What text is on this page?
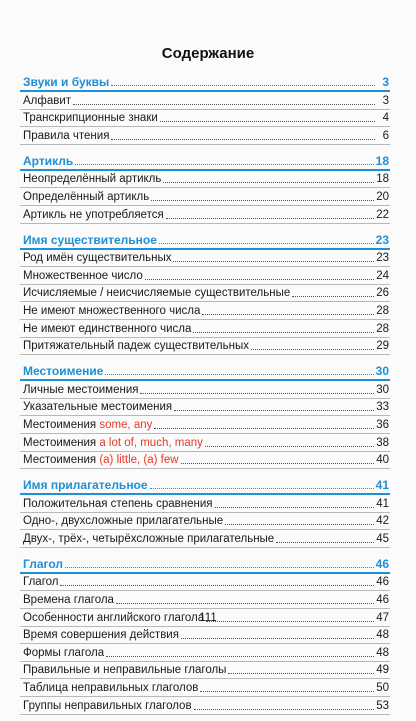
Содержание
Звуки и буквы	3
Алфавит	3
Транскрипционные знаки	4
Правила чтения	6
Артикль	18
Неопределённый артикль	18
Определённый артикль	20
Артикль не употребляется	22
Имя существительное	23
Род имён существительных	23
Множественное число	24
Исчисляемые / неисчисляемые существительные	26
Не имеют множественного числа	28
Не имеют единственного числа	28
Притяжательный падеж существительных	29
Местоимение	30
Личные местоимения	30
Указательные местоимения	33
Местоимения some, any	36
Местоимения a lot of, much, many	38
Местоимения (a) little, (a) few	40
Имя прилагательное	41
Положительная степень сравнения	41
Одно-, двухсложные прилагательные	42
Двух-, трёх-, четырёхсложные прилагательные	45
Глагол	46
Глагол	46
Времена глагола	46
Особенности английского глагола	47
Время совершения действия	48
Формы глагола	48
Правильные и неправильные глаголы	49
Таблица неправильных глаголов	50
Группы неправильных глаголов	53
111
